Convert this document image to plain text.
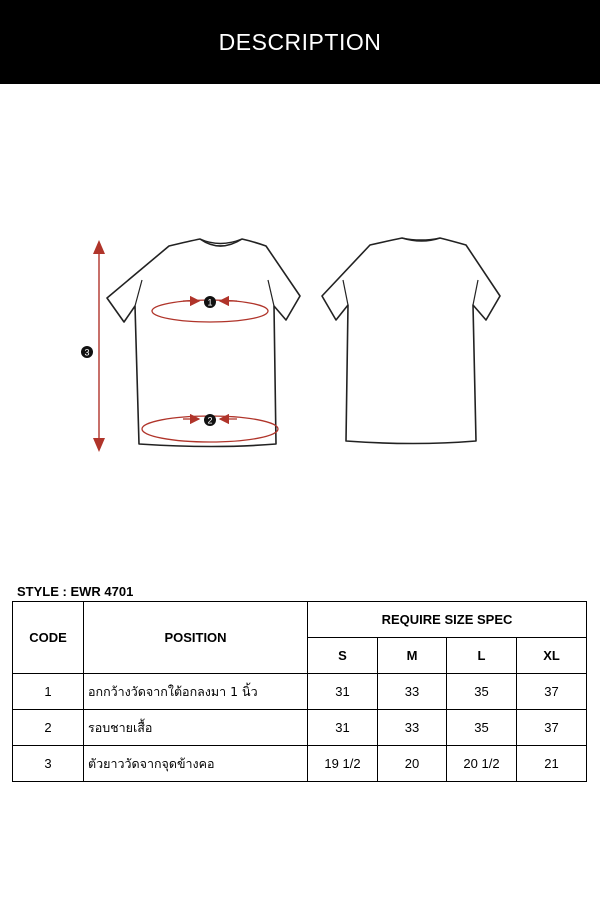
DESCRIPTION
1
2
3
STYLE : EWR 4701
CODE	POSITION	REQUIRE SIZE SPEC			
		S	M	L	XL
1	อกกว้างวัดจากใต้อกลงมา 1 นิ้ว	31	33	35	37
2	รอบชายเสื้อ	31	33	35	37
3	ตัวยาววัดจากจุดข้างคอ	19 1/2	20	20 1/2	21
